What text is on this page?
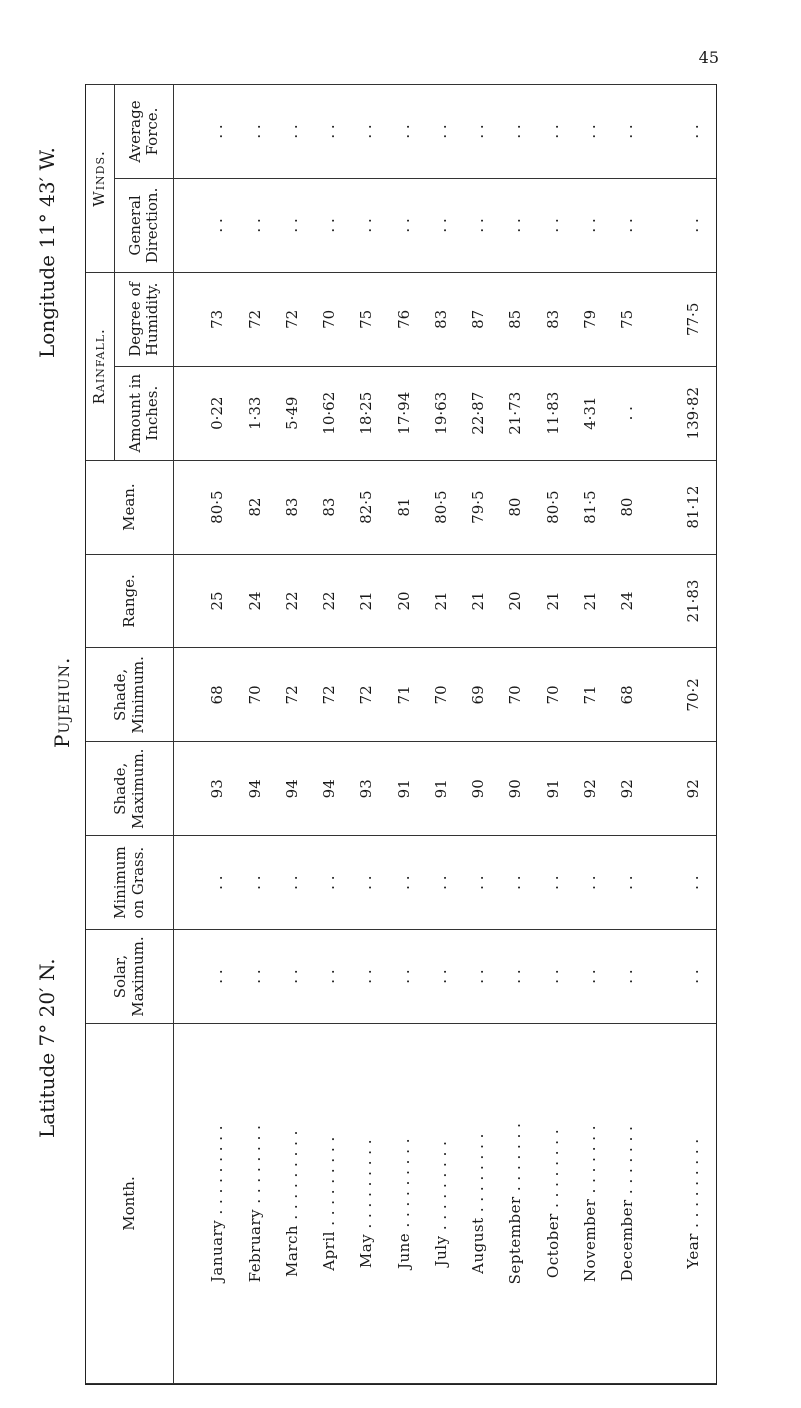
45
Latitude 7° 20′ N.
Pujehun.
Longitude 11° 43′ W.
Month.	Solar, Maximum.	Minimum on Grass.	Shade, Maximum.	Shade, Minimum.	Range.	Mean.	Rainfall.		Winds.	
							Amount in Inches.	Degree of Humidity.	General Direction.	Average Force.

January . . . . . . . . .	. .	. .	93	68	25	80·5	0·22	73	. .	. .
February . . . . . . . .	. .	. .	94	70	24	82	1·33	72	. .	. .
March . . . . . . . . .	. .	. .	94	72	22	83	5·49	72	. .	. .
April . . . . . . . . .	. .	. .	94	72	22	83	10·62	70	. .	. .
May . . . . . . . . .	. .	. .	93	72	21	82·5	18·25	75	. .	. .
June . . . . . . . . .	. .	. .	91	71	20	81	17·94	76	. .	. .
July . . . . . . . . .	. .	. .	91	70	21	80·5	19·63	83	. .	. .
August . . . . . . . .	. .	. .	90	69	21	79·5	22·87	87	. .	. .
September . . . . . . .	. .	. .	90	70	20	80	21·73	85	. .	. .
October . . . . . . . .	. .	. .	91	70	21	80·5	11·83	83	. .	. .
November . . . . . . .	. .	. .	92	71	21	81·5	4·31	79	. .	. .
December . . . . . . .	. .	. .	92	68	24	80	. .	75	. .	. .

Year . . . . . . . . .	. .	. .	92	70·2	21·83	81·12	139·82	77·5	. .	. .
